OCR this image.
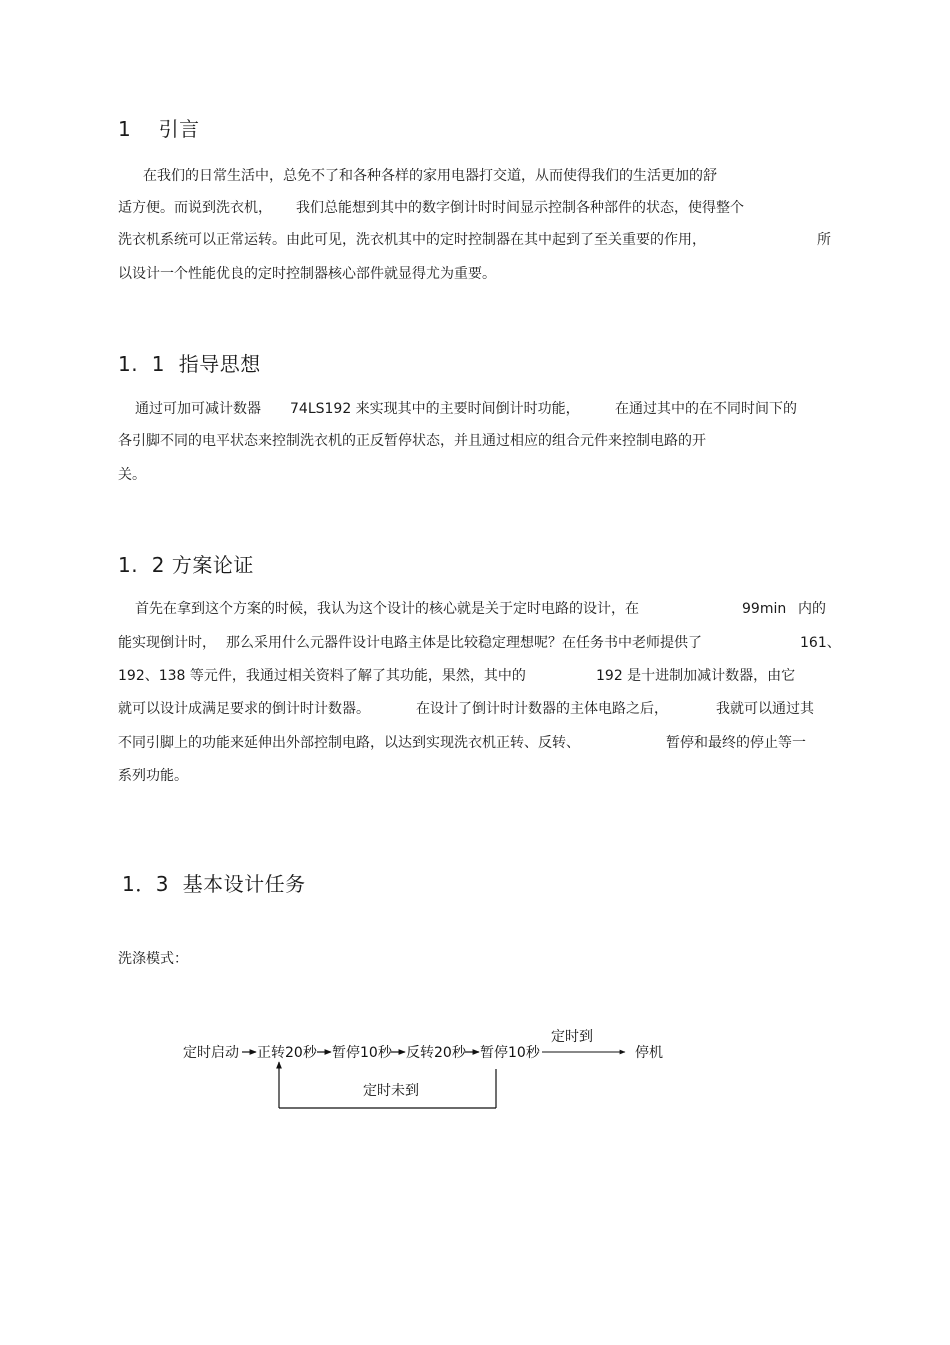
1    引言
在我们的日常生活中，总免不了和各种各样的家用电器打交道，从而使得我们的生活更加的舒
适方便。而说到洗衣机， 我们总能想到其中的数字倒计时时间显示控制各种部件的状态，使得整个
洗衣机系统可以正常运转。由此可见，洗衣机其中的定时控制器在其中起到了至关重要的作用，	所
以设计一个性能优良的定时控制器核心部件就显得尤为重要。
1.  1  指导思想
通过可加可减计数器 74LS192 来实现其中的主要时间倒计时功能，	在通过其中的在不同时间下的
各引脚不同的电平状态来控制洗衣机的正反暂停状态，并且通过相应的组合元件来控制电路的开
关。
1.  2 方案论证
首先在拿到这个方案的时候，我认为这个设计的核心就是关于定时电路的设计，在	99min 内的
能实现倒计时， 那么采用什么元器件设计电路主体是比较稳定理想呢？在任务书中老师提供了	161、
192、138 等元件，我通过相关资料了解了其功能，果然，其中的	192 是十进制加减计数器，由它
就可以设计成满足要求的倒计时计数器。	在设计了倒计时计数器的主体电路之后，	我就可以通过其
不同引脚上的功能来延伸出外部控制电路，以达到实现洗衣机正转、反转、	暂停和最终的停止等一
系列功能。
1．3  基本设计任务
洗涤模式：
定时启动 正转20秒 暂停10秒 反转20秒 暂停10秒
定时到
停机
定时未到
